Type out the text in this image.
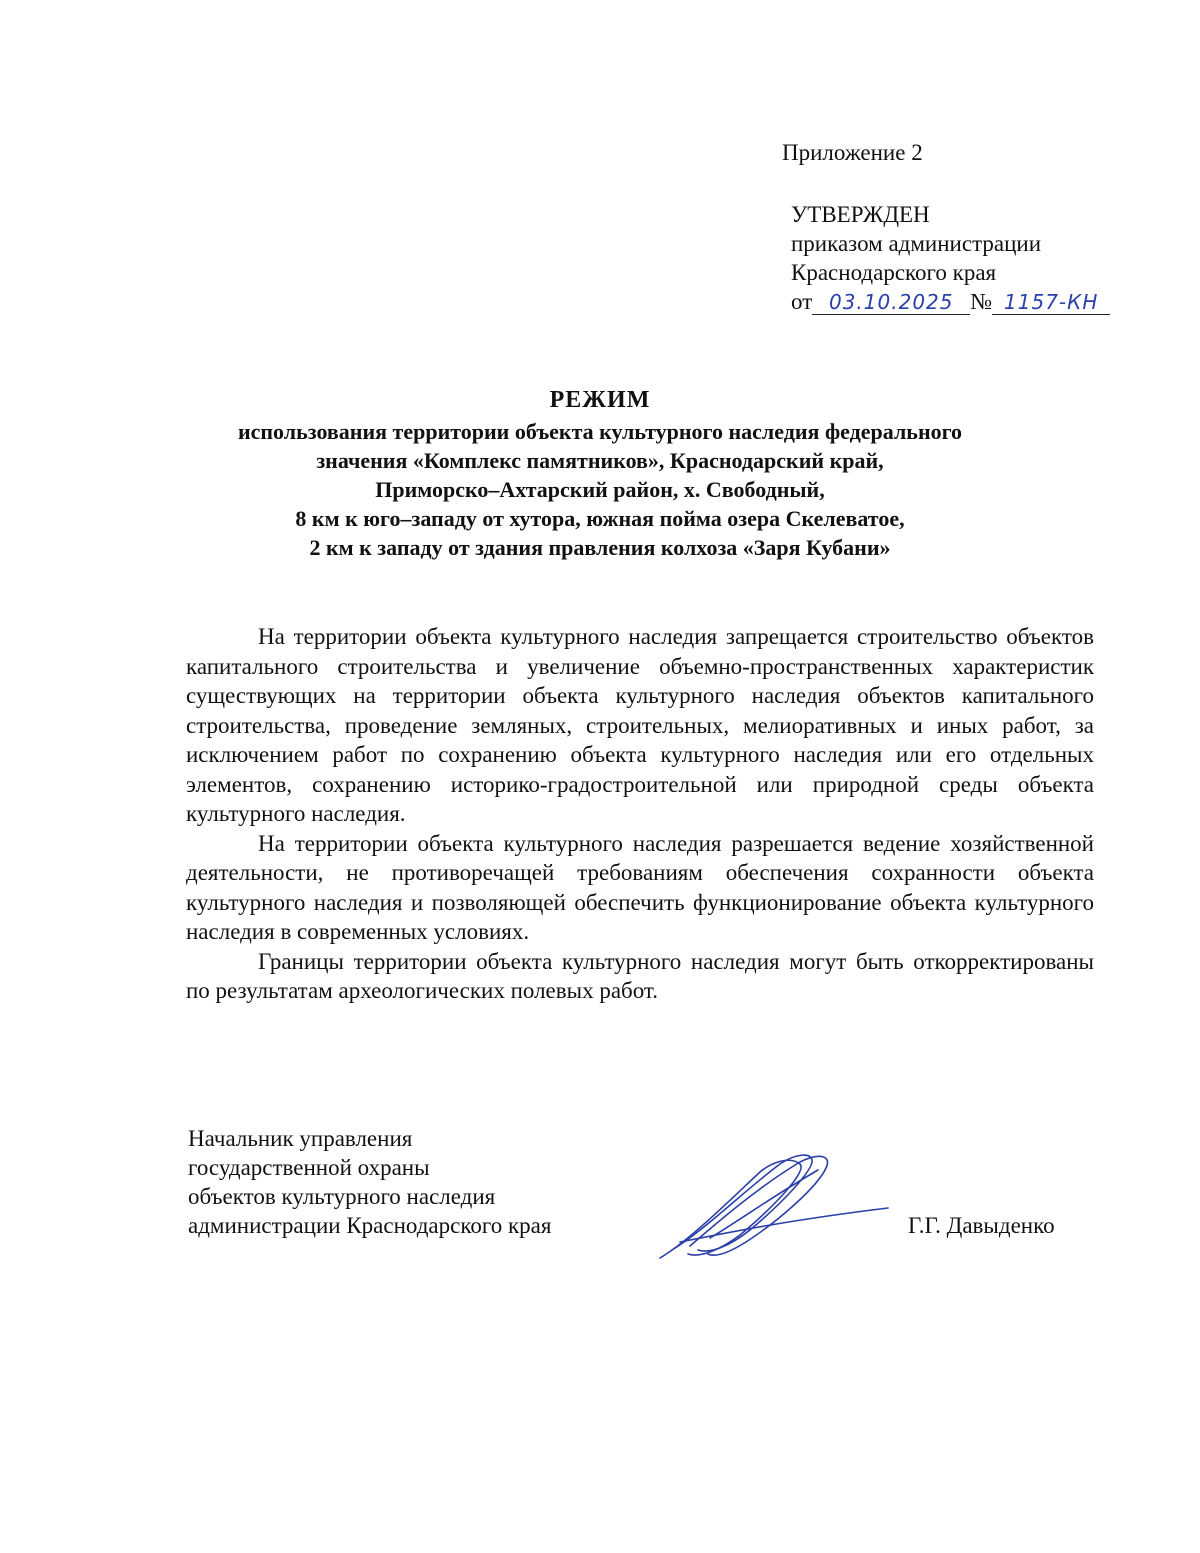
Приложение 2
УТВЕРЖДЕН
приказом администрации
Краснодарского края
от 03.10.2025 № 1157-КН
РЕЖИМ
использования территории объекта культурного наследия федерального
значения «Комплекс памятников», Краснодарский край,
Приморско–Ахтарский район, х. Свободный,
8 км к юго–западу от хутора, южная пойма озера Скелеватое,
2 км к западу от здания правления колхоза «Заря Кубани»

На территории объекта культурного наследия запрещается строительство объектов капитального строительства и увеличение объемно-пространственных характеристик существующих на территории объекта культурного наследия объектов капитального строительства, проведение земляных, строительных, мелиоративных и иных работ, за исключением работ по сохранению объекта культурного наследия или его отдельных элементов, сохранению историко-градостроительной или природной среды объекта культурного наследия.

На территории объекта культурного наследия разрешается ведение хозяйственной деятельности, не противоречащей требованиям обеспечения сохранности объекта культурного наследия и позволяющей обеспечить функционирование объекта культурного наследия в современных условиях.

Границы территории объекта культурного наследия могут быть откорректированы по результатам археологических полевых работ.

Начальник управления
государственной охраны
объектов культурного наследия
администрации Краснодарского края	Г.Г. Давыденко
